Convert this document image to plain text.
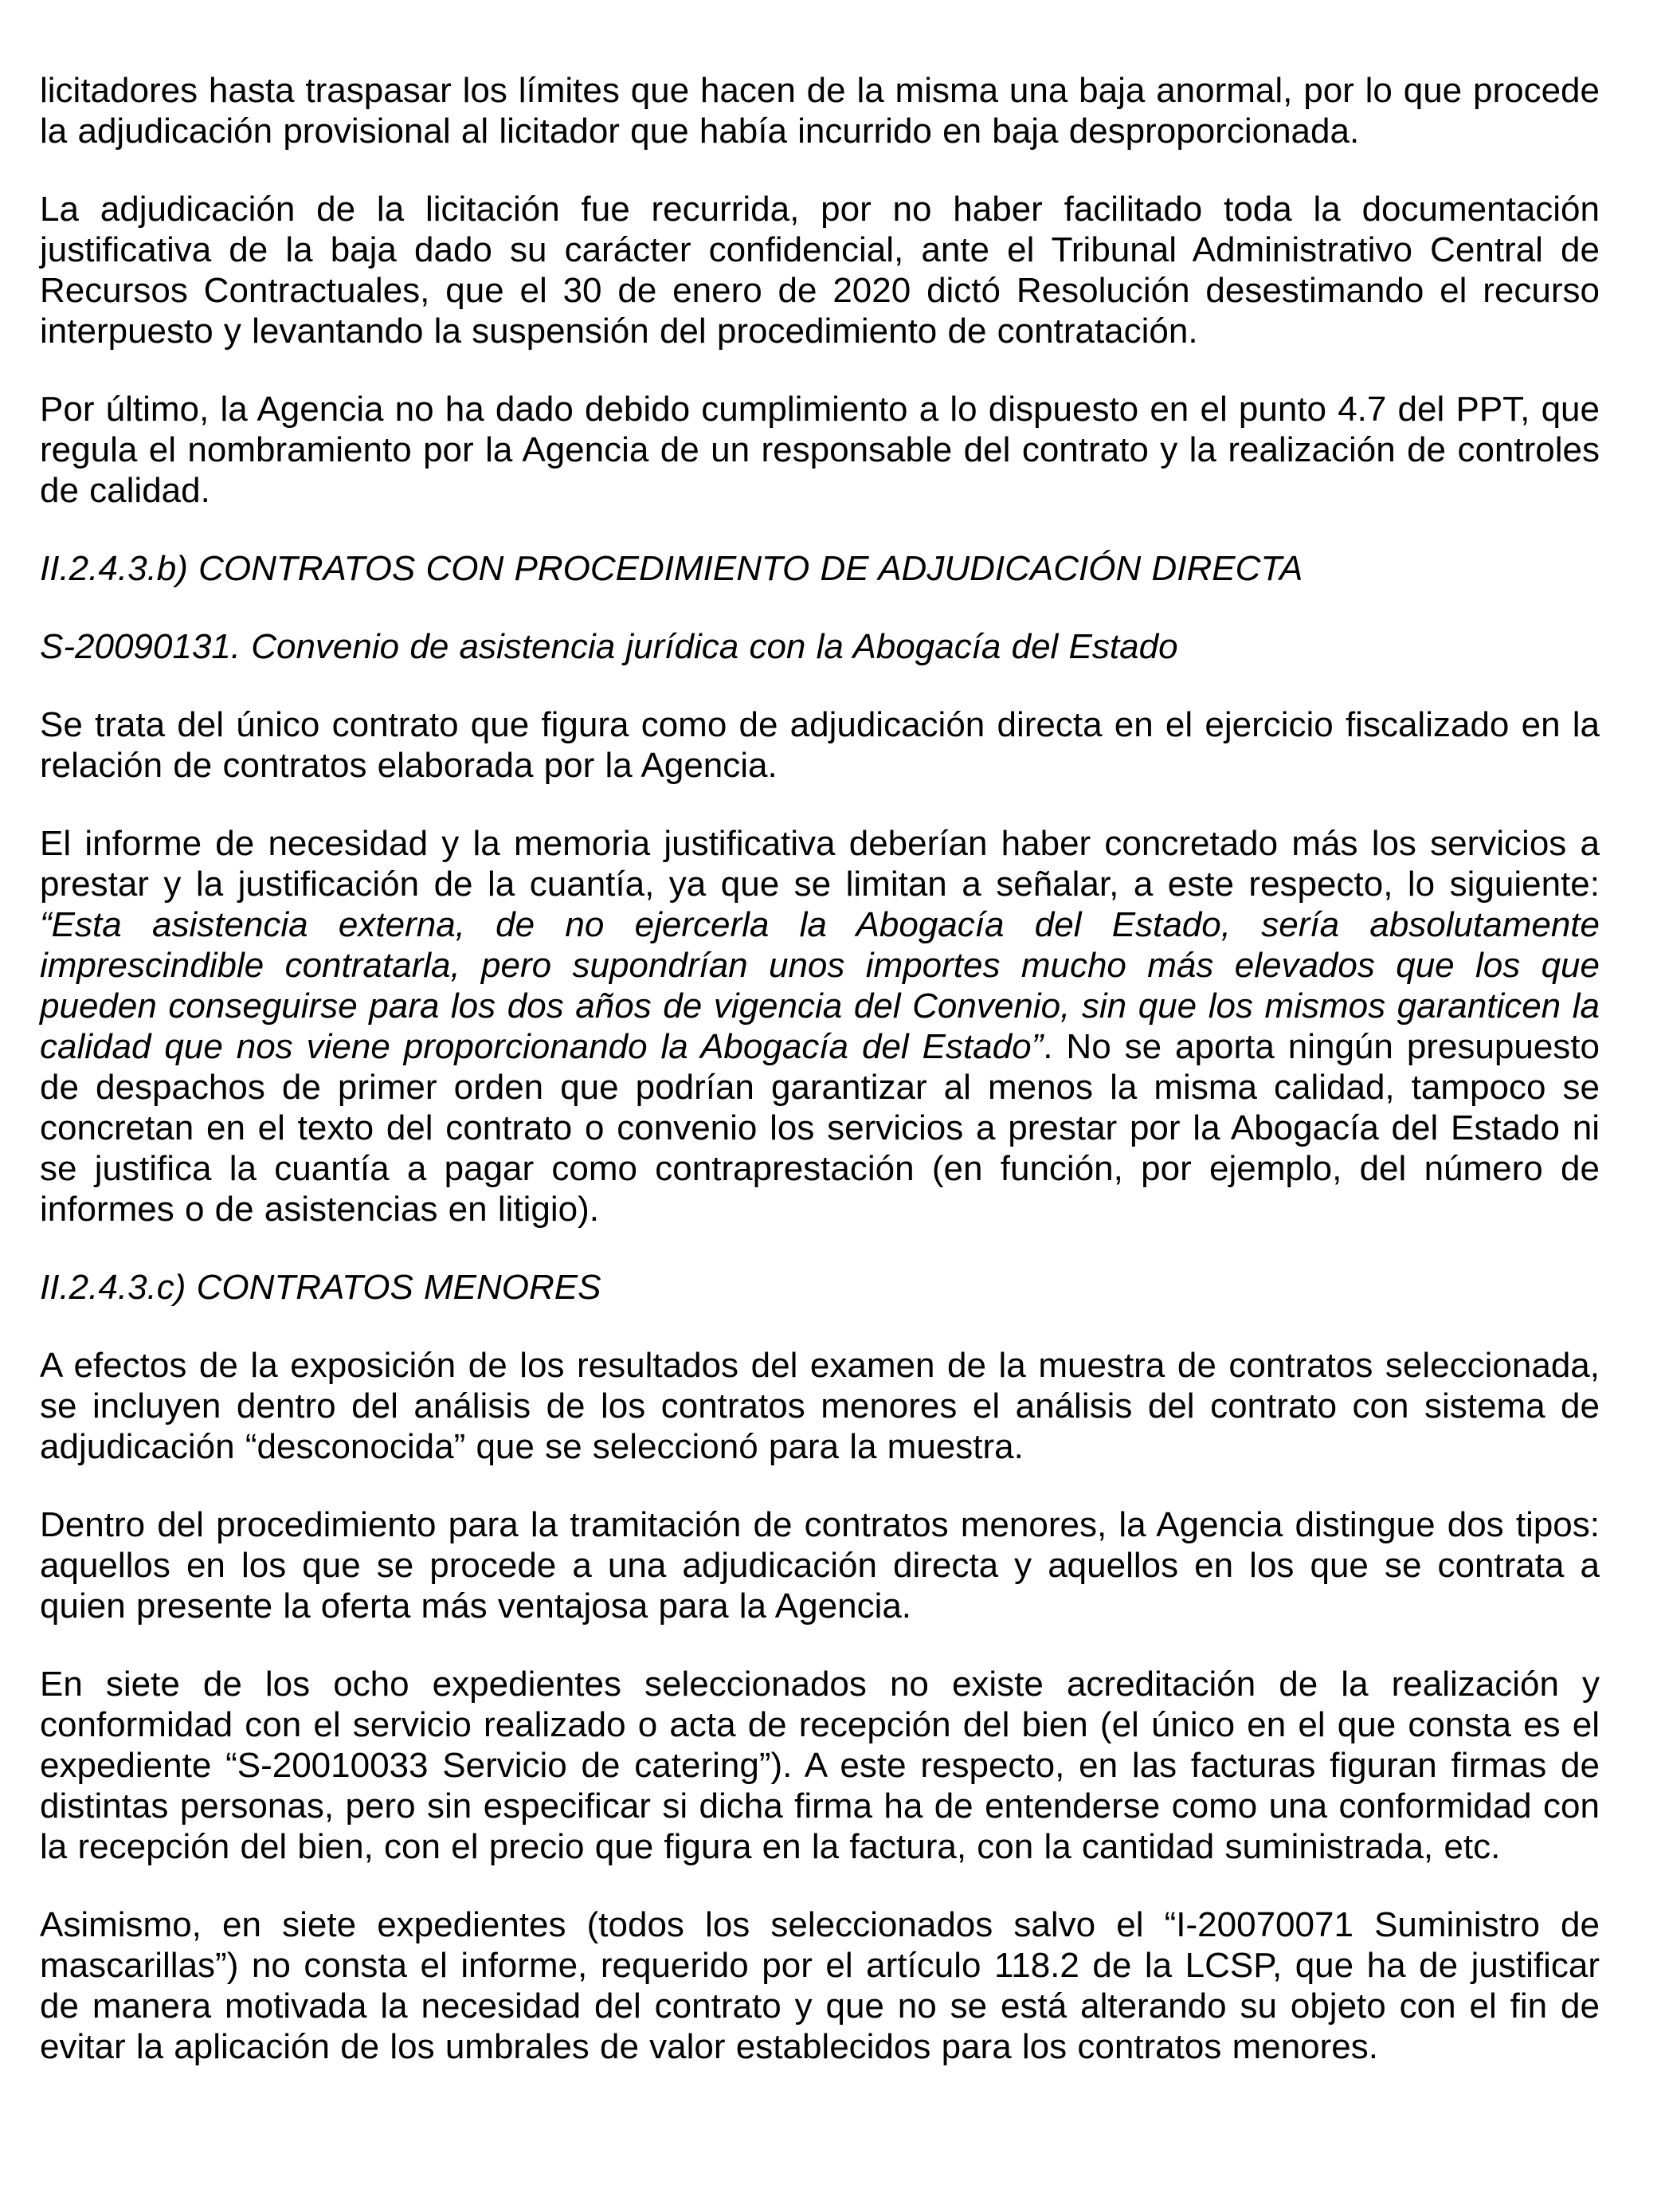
licitadores hasta traspasar los límites que hacen de la misma una baja anormal, por lo que procede la adjudicación provisional al licitador que había incurrido en baja desproporcionada.

La adjudicación de la licitación fue recurrida, por no haber facilitado toda la documentación justificativa de la baja dado su carácter confidencial, ante el Tribunal Administrativo Central de Recursos Contractuales, que el 30 de enero de 2020 dictó Resolución desestimando el recurso interpuesto y levantando la suspensión del procedimiento de contratación.

Por último, la Agencia no ha dado debido cumplimiento a lo dispuesto en el punto 4.7 del PPT, que regula el nombramiento por la Agencia de un responsable del contrato y la realización de controles de calidad.

II.2.4.3.b) CONTRATOS CON PROCEDIMIENTO DE ADJUDICACIÓN DIRECTA

S-20090131. Convenio de asistencia jurídica con la Abogacía del Estado

Se trata del único contrato que figura como de adjudicación directa en el ejercicio fiscalizado en la relación de contratos elaborada por la Agencia.

El informe de necesidad y la memoria justificativa deberían haber concretado más los servicios a prestar y la justificación de la cuantía, ya que se limitan a señalar, a este respecto, lo siguiente: “Esta asistencia externa, de no ejercerla la Abogacía del Estado, sería absolutamente imprescindible contratarla, pero supondrían unos importes mucho más elevados que los que pueden conseguirse para los dos años de vigencia del Convenio, sin que los mismos garanticen la calidad que nos viene proporcionando la Abogacía del Estado”. No se aporta ningún presupuesto de despachos de primer orden que podrían garantizar al menos la misma calidad, tampoco se concretan en el texto del contrato o convenio los servicios a prestar por la Abogacía del Estado ni se justifica la cuantía a pagar como contraprestación (en función, por ejemplo, del número de informes o de asistencias en litigio).

II.2.4.3.c) CONTRATOS MENORES

A efectos de la exposición de los resultados del examen de la muestra de contratos seleccionada, se incluyen dentro del análisis de los contratos menores el análisis del contrato con sistema de adjudicación “desconocida” que se seleccionó para la muestra.

Dentro del procedimiento para la tramitación de contratos menores, la Agencia distingue dos tipos: aquellos en los que se procede a una adjudicación directa y aquellos en los que se contrata a quien presente la oferta más ventajosa para la Agencia.

En siete de los ocho expedientes seleccionados no existe acreditación de la realización y conformidad con el servicio realizado o acta de recepción del bien (el único en el que consta es el expediente “S-20010033 Servicio de catering”). A este respecto, en las facturas figuran firmas de distintas personas, pero sin especificar si dicha firma ha de entenderse como una conformidad con la recepción del bien, con el precio que figura en la factura, con la cantidad suministrada, etc.

Asimismo, en siete expedientes (todos los seleccionados salvo el “I-20070071 Suministro de mascarillas”) no consta el informe, requerido por el artículo 118.2 de la LCSP, que ha de justificar de manera motivada la necesidad del contrato y que no se está alterando su objeto con el fin de evitar la aplicación de los umbrales de valor establecidos para los contratos menores.
